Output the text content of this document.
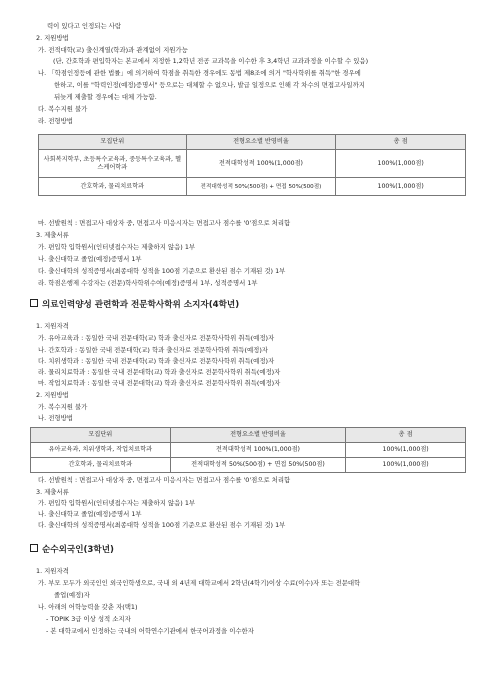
력이 있다고 인정되는 사람
2. 지원방법
가. 전적대학(교) 출신계열(학과)과 관계없이 지원가능
(단, 간호학과 편입학자는 본교에서 지정한 1,2학년 전공 교과목을 이수한 후 3,4학년 교과과정을 이수할 수 있음)
나. 「학점인정등에 관한 법률」에 의거하여 학점을 취득한 경우에도 동법 제8조에 의거 "학사학위를 취득"한 경우에
한하고, 이를 "학력인정(예정)증명서" 등으로는 대체할 수 없으나, 발급 일정으로 인해 각 차수의 면접고사일까지
뒤늦게 제출할 경우에는 대체 가능함.
다. 복수지원 불가
라. 전형방법
모집단위	전형요소별 반영비율	총 점
사회복지학부, 초등특수교육과, 중등특수교육과, 헬스케어학과	전적대학성적 100%(1,000점)	100%(1,000점)
간호학과, 물리치료학과	전적대학성적 50%(500점) + 면접 50%(500점)	100%(1,000점)
마. 선발원칙 : 면접고사 대상자 중, 면접고사 미응시자는 면접고사 점수를 '0'점으로 처리함
3. 제출서류
가. 편입학 입학원서(인터넷접수자는 제출하지 않음) 1부
나. 출신대학교 졸업(예정)증명서 1부
다. 출신대학의 성적증명서(최종대학 성적을 100점 기준으로 환산된 점수 기재된 것) 1부
라. 학점은행제 수강자는 (전문)학사학위수여(예정)증명서 1부, 성적증명서 1부
의료인력양성 관련학과 전문학사학위 소지자(4학년)
1. 지원자격
가. 유아교육과 : 동일한 국내 전문대학(교) 학과 출신자로 전문학사학위 취득(예정)자
나. 간호학과 : 동일한 국내 전문대학(교) 학과 출신자로 전문학사학위 취득(예정)자
다. 치위생학과 : 동일한 국내 전문대학(교) 학과 출신자로 전문학사학위 취득(예정)자
라. 물리치료학과 : 동일한 국내 전문대학(교) 학과 출신자로 전문학사학위 취득(예정)자
마. 작업치료학과 : 동일한 국내 전문대학(교) 학과 출신자로 전문학사학위 취득(예정)자
2. 지원방법
가. 복수지원 불가
나. 전형방법
모집단위	전형요소별 반영비율	총 점
유아교육과, 치위생학과, 작업치료학과	전적대학성적 100%(1,000점)	100%(1,000점)
간호학과, 물리치료학과	전적대학성적 50%(500점) + 면접 50%(500점)	100%(1,000점)
다. 선발원칙 : 면접고사 대상자 중, 면접고사 미응시자는 면접고사 점수를 '0'점으로 처리함
3. 제출서류
가. 편입학 입학원서(인터넷접수자는 제출하지 않음) 1부
나. 출신대학교 졸업(예정)증명서 1부
다. 출신대학의 성적증명서(최종대학 성적을 100점 기준으로 환산된 점수 기재된 것) 1부
순수외국인(3학년)
1. 지원자격
가. 부모 모두가 외국인인 외국인학생으로, 국내 외 4년제 대학교에서 2학년(4학기)이상 수료(이수)자 또는 전문대학
졸업(예정)자
나. 아래의 어학능력을 갖춘 자(택1)
- TOPIK 3급 이상 성적 소지자
- 본 대학교에서 인정하는 국내의 어학연수기관에서 한국어과정을 이수한자
